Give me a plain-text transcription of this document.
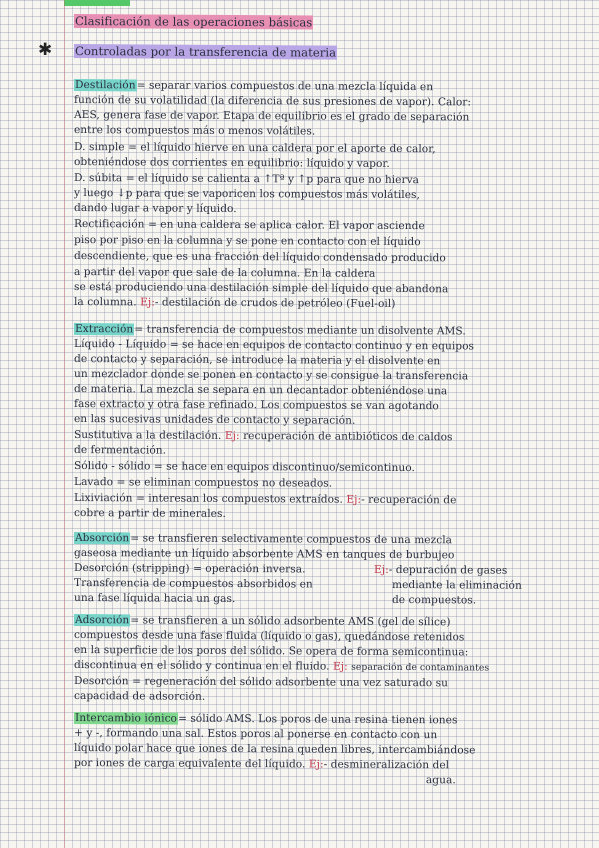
Clasificación de las operaciones básicas
✱ Controladas por la transferencia de materia
Destilación= separar varios compuestos de una mezcla líquida en
función de su volatilidad (la diferencia de sus presiones de vapor). Calor:
AES, genera fase de vapor. Etapa de equilibrio es el grado de separación
entre los compuestos más o menos volátiles.
D. simple = el líquido hierve en una caldera por el aporte de calor,
obteniéndose dos corrientes en equilibrio: líquido y vapor.
D. súbita = el líquido se calienta a ↑Tª y ↑p para que no hierva
y luego ↓p para que se vaporicen los compuestos más volátiles,
dando lugar a vapor y líquido.
Rectificación = en una caldera se aplica calor. El vapor asciende
piso por piso en la columna y se pone en contacto con el líquido
descendiente, que es una fracción del líquido condensado producido
a partir del vapor que sale de la columna. En la caldera
se está produciendo una destilación simple del líquido que abandona
la columna. Ej:- destilación de crudos de petróleo (Fuel-oil)
Extracción= transferencia de compuestos mediante un disolvente AMS.
Líquido - Líquido = se hace en equipos de contacto continuo y en equipos
de contacto y separación, se introduce la materia y el disolvente en
un mezclador donde se ponen en contacto y se consigue la transferencia
de materia. La mezcla se separa en un decantador obteniéndose una
fase extracto y otra fase refinado. Los compuestos se van agotando
en las sucesivas unidades de contacto y separación.
Sustitutiva a la destilación. Ej: recuperación de antibióticos de caldos
de fermentación.
Sólido - sólido = se hace en equipos discontinuo/semicontinuo.
Lavado = se eliminan compuestos no deseados.
Lixiviación = interesan los compuestos extraídos. Ej:- recuperación de
cobre a partir de minerales.
Absorción= se transfieren selectivamente compuestos de una mezcla
gaseosa mediante un líquido absorbente AMS en tanques de burbujeo
Desorción (stripping) = operación inversa.	Ej:- depuración de gases
Transferencia de compuestos absorbidos en	mediante la eliminación
una fase líquida hacia un gas.	de compuestos.
Adsorción= se transfieren a un sólido adsorbente AMS (gel de sílice)
compuestos desde una fase fluida (líquido o gas), quedándose retenidos
en la superficie de los poros del sólido. Se opera de forma semicontinua:
discontinua en el sólido y continua en el fluido. Ej: separación de contaminantes
Desorción = regeneración del sólido adsorbente una vez saturado su
capacidad de adsorción.
Intercambio iónico= sólido AMS. Los poros de una resina tienen iones
+ y -, formando una sal. Estos poros al ponerse en contacto con un
líquido polar hace que iones de la resina queden libres, intercambiándose
por iones de carga equivalente del líquido. Ej:- desmineralización del
agua.
